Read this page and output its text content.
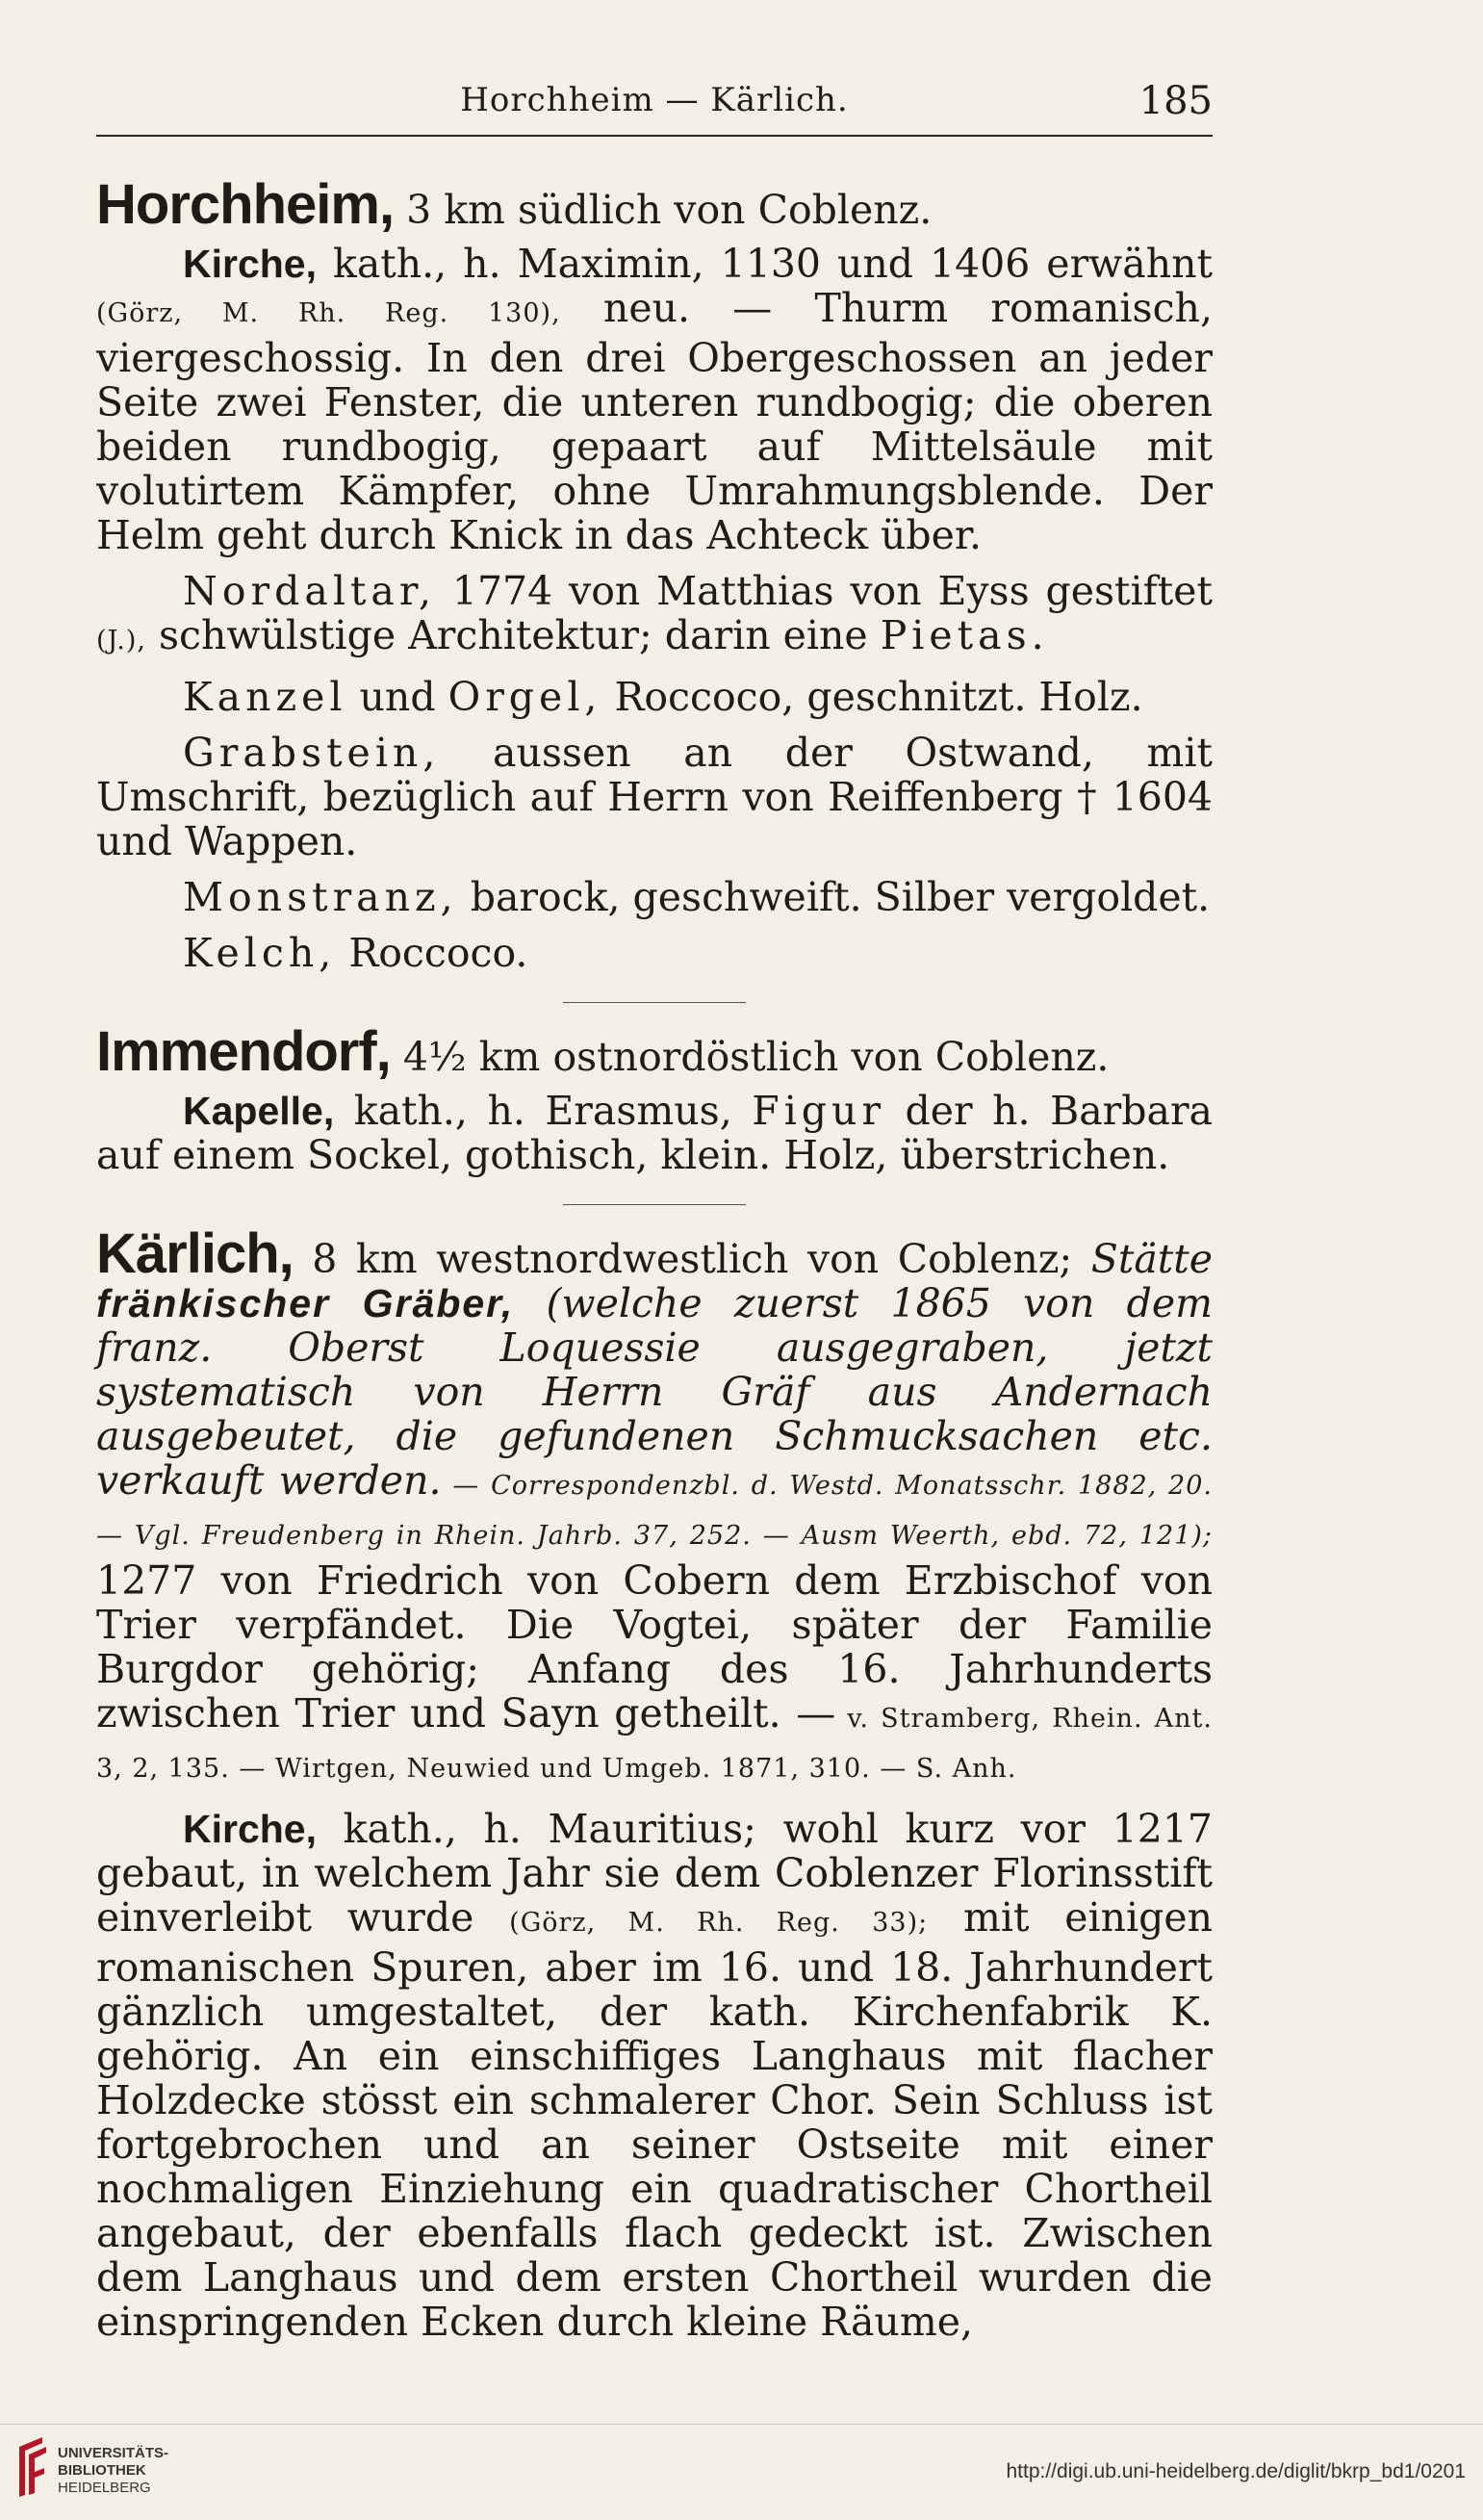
Horchheim — Kärlich.	185

Horchheim, 3 km südlich von Coblenz.

Kirche, kath., h. Maximin, 1130 und 1406 erwähnt (Görz, M. Rh. Reg. 130), neu. — Thurm romanisch, viergeschossig. In den drei Obergeschossen an jeder Seite zwei Fenster, die unteren rundbogig; die oberen beiden rundbogig, gepaart auf Mittelsäule mit volutirtem Kämpfer, ohne Umrahmungsblende. Der Helm geht durch Knick in das Achteck über.

Nordaltar, 1774 von Matthias von Eyss gestiftet (J.), schwülstige Architektur; darin eine Pietas.

Kanzel und Orgel, Roccoco, geschnitzt. Holz.

Grabstein, aussen an der Ostwand, mit Umschrift, bezüglich auf Herrn von Reiffenberg † 1604 und Wappen.

Monstranz, barock, geschweift. Silber vergoldet.

Kelch, Roccoco.

Immendorf, 4½ km ostnordöstlich von Coblenz.

Kapelle, kath., h. Erasmus, Figur der h. Barbara auf einem Sockel, gothisch, klein. Holz, überstrichen.

Kärlich, 8 km westnordwestlich von Coblenz; Stätte fränkischer Gräber, (welche zuerst 1865 von dem franz. Oberst Loquessie ausgegraben, jetzt systematisch von Herrn Gräf aus Andernach ausgebeutet, die gefundenen Schmucksachen etc. verkauft werden. — Correspondenzbl. d. Westd. Monatsschr. 1882, 20. — Vgl. Freudenberg in Rhein. Jahrb. 37, 252. — Ausm Weerth, ebd. 72, 121); 1277 von Friedrich von Cobern dem Erzbischof von Trier verpfändet. Die Vogtei, später der Familie Burgdor gehörig; Anfang des 16. Jahrhunderts zwischen Trier und Sayn getheilt. — v. Stramberg, Rhein. Ant. 3, 2, 135. — Wirtgen, Neuwied und Umgeb. 1871, 310. — S. Anh.

Kirche, kath., h. Mauritius; wohl kurz vor 1217 gebaut, in welchem Jahr sie dem Coblenzer Florinsstift einverleibt wurde (Görz, M. Rh. Reg. 33); mit einigen romanischen Spuren, aber im 16. und 18. Jahrhundert gänzlich umgestaltet, der kath. Kirchenfabrik K. gehörig. An ein einschiffiges Langhaus mit flacher Holzdecke stösst ein schmalerer Chor. Sein Schluss ist fortgebrochen und an seiner Ostseite mit einer nochmaligen Einziehung ein quadratischer Chortheil angebaut, der ebenfalls flach gedeckt ist. Zwischen dem Langhaus und dem ersten Chortheil wurden die einspringenden Ecken durch kleine Räume,

UNIVERSITÄTS-
BIBLIOTHEK
HEIDELBERG
http://digi.ub.uni-heidelberg.de/diglit/bkrp_bd1/0201
